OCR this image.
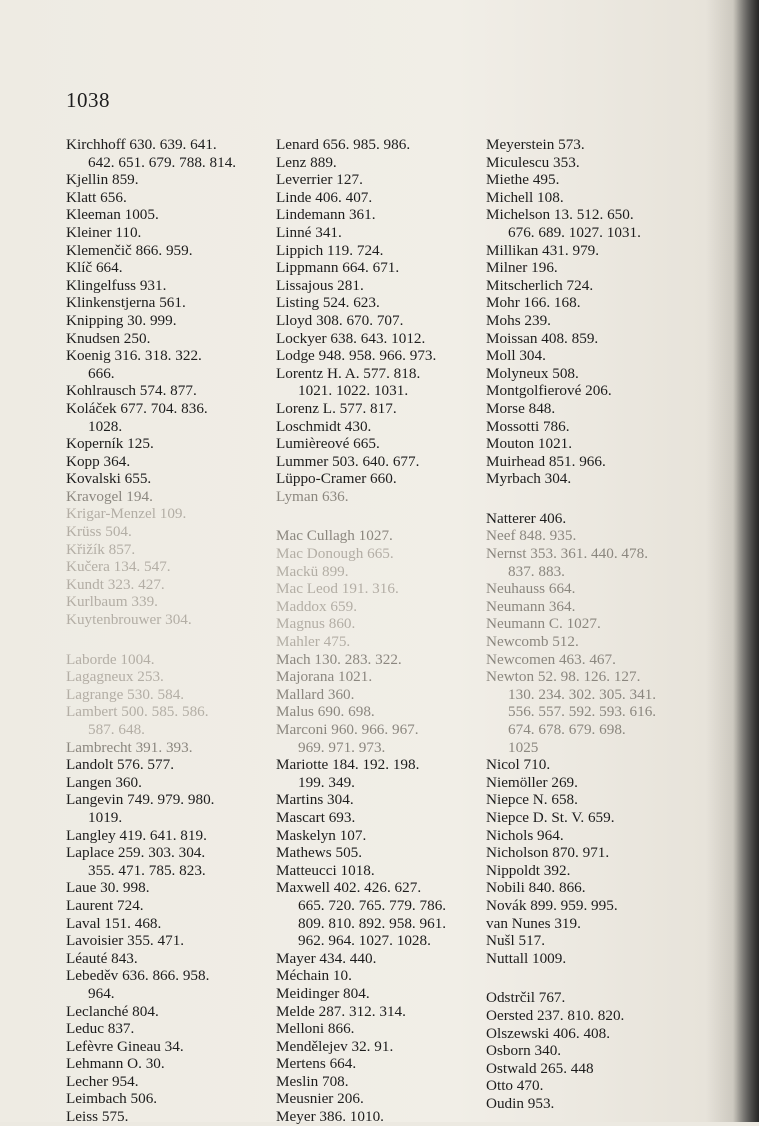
1038
Kirchhoff 630. 639. 641.
642. 651. 679. 788. 814.
Kjellin 859.
Klatt 656.
Kleeman 1005.
Kleiner 110.
Klemenčič 866. 959.
Klíč 664.
Klingelfuss 931.
Klinkenstjerna 561.
Knipping 30. 999.
Knudsen 250.
Koenig 316. 318. 322.
666.
Kohlrausch 574. 877.
Koláček 677. 704. 836.
1028.
Koperník 125.
Kopp 364.
Kovalski 655.
Kravogel 194.
Krigar-Menzel 109.
Krüss 504.
Křižík 857.
Kučera 134. 547.
Kundt 323. 427.
Kurlbaum 339.
Kuytenbrouwer 304.
Laborde 1004.
Lagagneux 253.
Lagrange 530. 584.
Lambert 500. 585. 586.
587. 648.
Lambrecht 391. 393.
Landolt 576. 577.
Langen 360.
Langevin 749. 979. 980.
1019.
Langley 419. 641. 819.
Laplace 259. 303. 304.
355. 471. 785. 823.
Laue 30. 998.
Laurent 724.
Laval 151. 468.
Lavoisier 355. 471.
Léauté 843.
Lebeděv 636. 866. 958.
964.
Leclanché 804.
Leduc 837.
Lefèvre Gineau 34.
Lehmann O. 30.
Lecher 954.
Leimbach 506.
Leiss 575.
Lenard 656. 985. 986.
Lenz 889.
Leverrier 127.
Linde 406. 407.
Lindemann 361.
Linné 341.
Lippich 119. 724.
Lippmann 664. 671.
Lissajous 281.
Listing 524. 623.
Lloyd 308. 670. 707.
Lockyer 638. 643. 1012.
Lodge 948. 958. 966. 973.
Lorentz H. A. 577. 818.
1021. 1022. 1031.
Lorenz L. 577. 817.
Loschmidt 430.
Lumièreové 665.
Lummer 503. 640. 677.
Lüppo-Cramer 660.
Lyman 636.
Mac Cullagh 1027.
Mac Donough 665.
Mackü 899.
Mac Leod 191. 316.
Maddox 659.
Magnus 860.
Mahler 475.
Mach 130. 283. 322.
Majorana 1021.
Mallard 360.
Malus 690. 698.
Marconi 960. 966. 967.
969. 971. 973.
Mariotte 184. 192. 198.
199. 349.
Martins 304.
Mascart 693.
Maskelyn 107.
Mathews 505.
Matteucci 1018.
Maxwell 402. 426. 627.
665. 720. 765. 779. 786.
809. 810. 892. 958. 961.
962. 964. 1027. 1028.
Mayer 434. 440.
Méchain 10.
Meidinger 804.
Melde 287. 312. 314.
Melloni 866.
Mendělejev 32. 91.
Mertens 664.
Meslin 708.
Meusnier 206.
Meyer 386. 1010.
Meyerstein 573.
Miculescu 353.
Miethe 495.
Michell 108.
Michelson 13. 512. 650.
676. 689. 1027. 1031.
Millikan 431. 979.
Milner 196.
Mitscherlich 724.
Mohr 166. 168.
Mohs 239.
Moissan 408. 859.
Moll 304.
Molyneux 508.
Montgolfierové 206.
Morse 848.
Mossotti 786.
Mouton 1021.
Muirhead 851. 966.
Myrbach 304.
Natterer 406.
Neef 848. 935.
Nernst 353. 361. 440. 478.
837. 883.
Neuhauss 664.
Neumann 364.
Neumann C. 1027.
Newcomb 512.
Newcomen 463. 467.
Newton 52. 98. 126. 127.
130. 234. 302. 305. 341.
556. 557. 592. 593. 616.
674. 678. 679. 698.
1025
Nicol 710.
Niemöller 269.
Niepce N. 658.
Niepce D. St. V. 659.
Nichols 964.
Nicholson 870. 971.
Nippoldt 392.
Nobili 840. 866.
Novák 899. 959. 995.
van Nunes 319.
Nušl 517.
Nuttall 1009.
Odstrčil 767.
Oersted 237. 810. 820.
Olszewski 406. 408.
Osborn 340.
Ostwald 265. 448
Otto 470.
Oudin 953.
